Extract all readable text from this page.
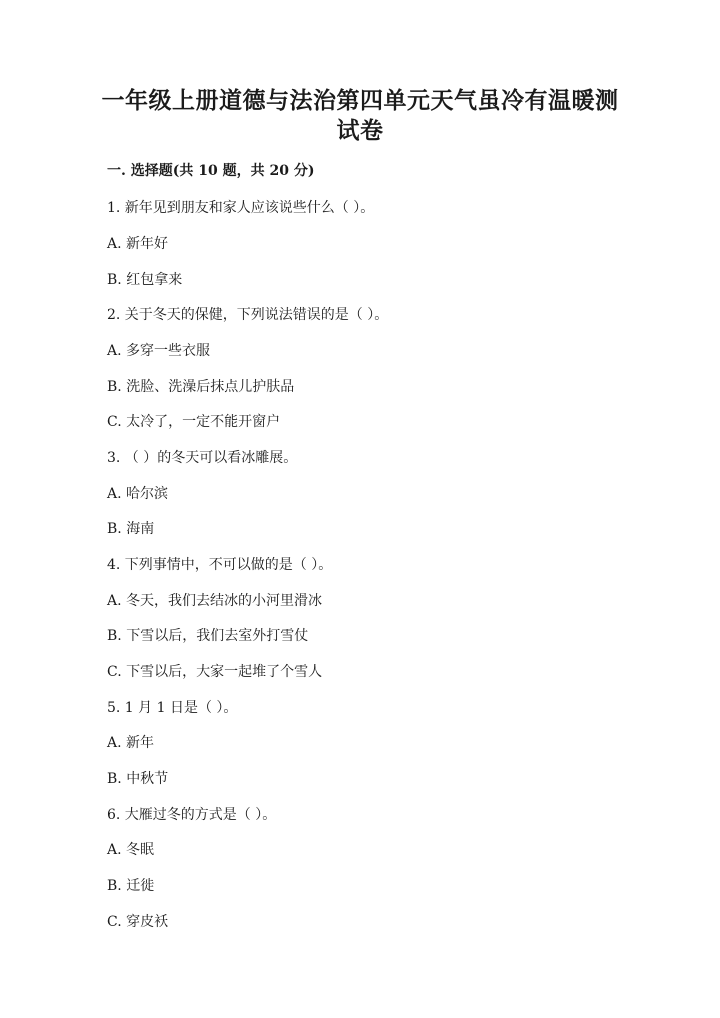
一年级上册道德与法治第四单元天气虽冷有温暖测
试卷
一. 选择题(共 10 题，共 20 分)
1. 新年见到朋友和家人应该说些什么（ ）。
A. 新年好
B. 红包拿来
2. 关于冬天的保健，下列说法错误的是（ ）。
A. 多穿一些衣服
B. 洗脸、洗澡后抹点儿护肤品
C. 太冷了，一定不能开窗户
3. （ ）的冬天可以看冰雕展。
A. 哈尔滨
B. 海南
4. 下列事情中，不可以做的是（ ）。
A. 冬天，我们去结冰的小河里滑冰
B. 下雪以后，我们去室外打雪仗
C. 下雪以后，大家一起堆了个雪人
5. 1 月 1 日是（ ）。
A. 新年
B. 中秋节
6. 大雁过冬的方式是（ ）。
A. 冬眠
B. 迁徙
C. 穿皮袄
